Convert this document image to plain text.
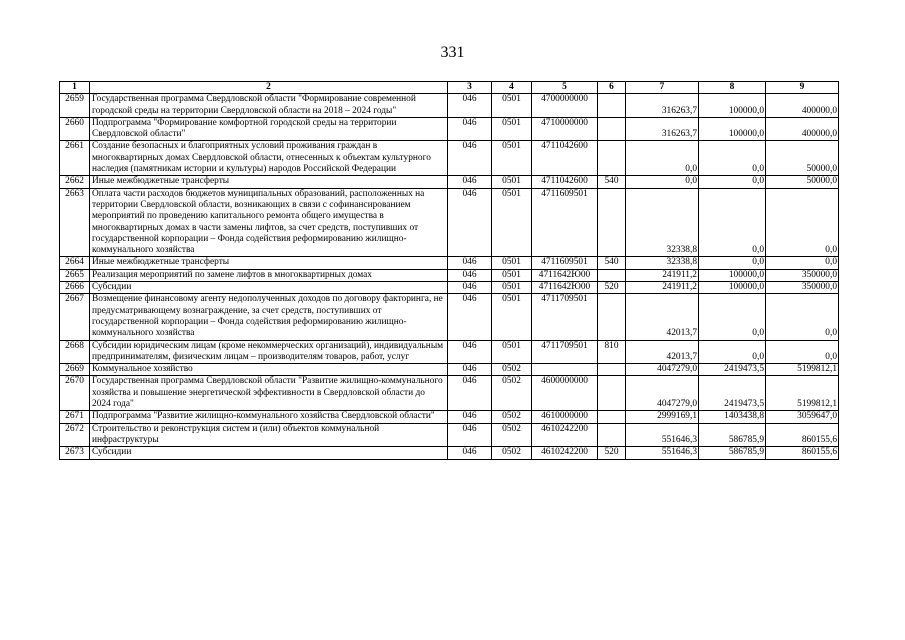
331
1	2	3	4	5	6	7	8	9
2659	Государственная программа Свердловской области "Формирование современной городской среды на территории Свердловской области на 2018 – 2024 годы"	046	0501	4700000000		316263,7	100000,0	400000,0
2660	Подпрограмма "Формирование комфортной городской среды на территории Свердловской области"	046	0501	4710000000		316263,7	100000,0	400000,0
2661	Создание безопасных и благоприятных условий проживания граждан в многоквартирных домах Свердловской области, отнесенных к объектам культурного наследия (памятникам истории и культуры) народов Российской Федерации	046	0501	4711042600		0,0	0,0	50000,0
2662	Иные межбюджетные трансферты	046	0501	4711042600	540	0,0	0,0	50000,0
2663	Оплата части расходов бюджетов муниципальных образований, расположенных на территории Свердловской области, возникающих в связи с софинансированием мероприятий по проведению капитального ремонта общего имущества в многоквартирных домах в части замены лифтов, за счет средств, поступивших от государственной корпорации – Фонда содействия реформированию жилищно-коммунального хозяйства	046	0501	4711609501		32338,8	0,0	0,0
2664	Иные межбюджетные трансферты	046	0501	4711609501	540	32338,8	0,0	0,0
2665	Реализация мероприятий по замене лифтов в многоквартирных домах	046	0501	4711642Ю00		241911,2	100000,0	350000,0
2666	Субсидии	046	0501	4711642Ю00	520	241911,2	100000,0	350000,0
2667	Возмещение финансовому агенту недополученных доходов по договору факторинга, не предусматривающему вознаграждение, за счет средств, поступивших от государственной корпорации – Фонда содействия реформированию жилищно-коммунального хозяйства	046	0501	4711709501		42013,7	0,0	0,0
2668	Субсидии юридическим лицам (кроме некоммерческих организаций), индивидуальным предпринимателям, физическим лицам – производителям товаров, работ, услуг	046	0501	4711709501	810	42013,7	0,0	0,0
2669	Коммунальное хозяйство	046	0502			4047279,0	2419473,5	5199812,1
2670	Государственная программа Свердловской области "Развитие жилищно-коммунального хозяйства и повышение энергетической эффективности в Свердловской области до 2024 года"	046	0502	4600000000		4047279,0	2419473,5	5199812,1
2671	Подпрограмма "Развитие жилищно-коммунального хозяйства Свердловской области"	046	0502	4610000000		2999169,1	1403438,8	3059647,0
2672	Строительство и реконструкция систем и (или) объектов коммунальной инфраструктуры	046	0502	4610242200		551646,3	586785,9	860155,6
2673	Субсидии	046	0502	4610242200	520	551646,3	586785,9	860155,6
